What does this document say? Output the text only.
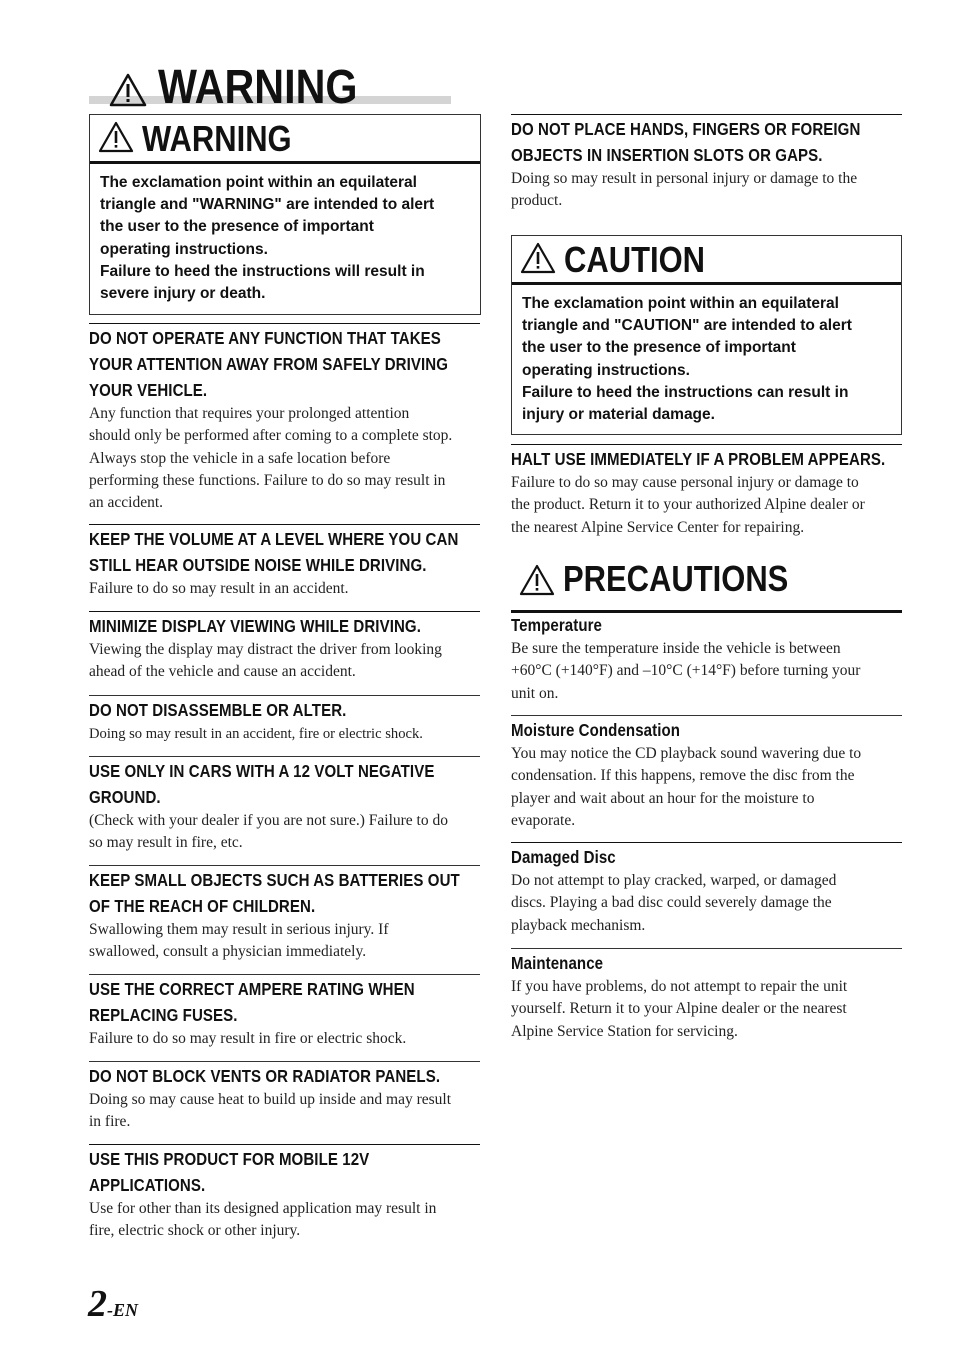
WARNING
WARNING
The exclamation point within an equilateral
triangle and "WARNING" are intended to alert
the user to the presence of important
operating instructions.
Failure to heed the instructions will result in
severe injury or death.
DO NOT OPERATE ANY FUNCTION THAT TAKES
YOUR ATTENTION AWAY FROM SAFELY DRIVING
YOUR VEHICLE.
Any function that requires your prolonged attention
should only be performed after coming to a complete stop.
Always stop the vehicle in a safe location before
performing these functions. Failure to do so may result in
an accident.
KEEP THE VOLUME AT A LEVEL WHERE YOU CAN
STILL HEAR OUTSIDE NOISE WHILE DRIVING.
Failure to do so may result in an accident.
MINIMIZE DISPLAY VIEWING WHILE DRIVING.
Viewing the display may distract the driver from looking
ahead of the vehicle and cause an accident.
DO NOT DISASSEMBLE OR ALTER.
Doing so may result in an accident, fire or electric shock.
USE ONLY IN CARS WITH A 12 VOLT NEGATIVE
GROUND.
(Check with your dealer if you are not sure.) Failure to do
so may result in fire, etc.
KEEP SMALL OBJECTS SUCH AS BATTERIES OUT
OF THE REACH OF CHILDREN.
Swallowing them may result in serious injury. If
swallowed, consult a physician immediately.
USE THE CORRECT AMPERE RATING WHEN
REPLACING FUSES.
Failure to do so may result in fire or electric shock.
DO NOT BLOCK VENTS OR RADIATOR PANELS.
Doing so may cause heat to build up inside and may result
in fire.
USE THIS PRODUCT FOR MOBILE 12V APPLICATIONS.
Use for other than its designed application may result in
fire, electric shock or other injury.
DO NOT PLACE HANDS, FINGERS OR FOREIGN
OBJECTS IN INSERTION SLOTS OR GAPS.
Doing so may result in personal injury or damage to the
product.
CAUTION
The exclamation point within an equilateral
triangle and "CAUTION" are intended to alert
the user to the presence of important
operating instructions.
Failure to heed the instructions can result in
injury or material damage.
HALT USE IMMEDIATELY IF A PROBLEM APPEARS.
Failure to do so may cause personal injury or damage to
the product. Return it to your authorized Alpine dealer or
the nearest Alpine Service Center for repairing.
PRECAUTIONS
Temperature
Be sure the temperature inside the vehicle is between
+60°C (+140°F) and –10°C (+14°F) before turning your
unit on.
Moisture Condensation
You may notice the CD playback sound wavering due to
condensation. If this happens, remove the disc from the
player and wait about an hour for the moisture to
evaporate.
Damaged Disc
Do not attempt to play cracked, warped, or damaged
discs. Playing a bad disc could severely damage the
playback mechanism.
Maintenance
If you have problems, do not attempt to repair the unit
yourself. Return it to your Alpine dealer or the nearest
Alpine Service Station for servicing.
2-EN
